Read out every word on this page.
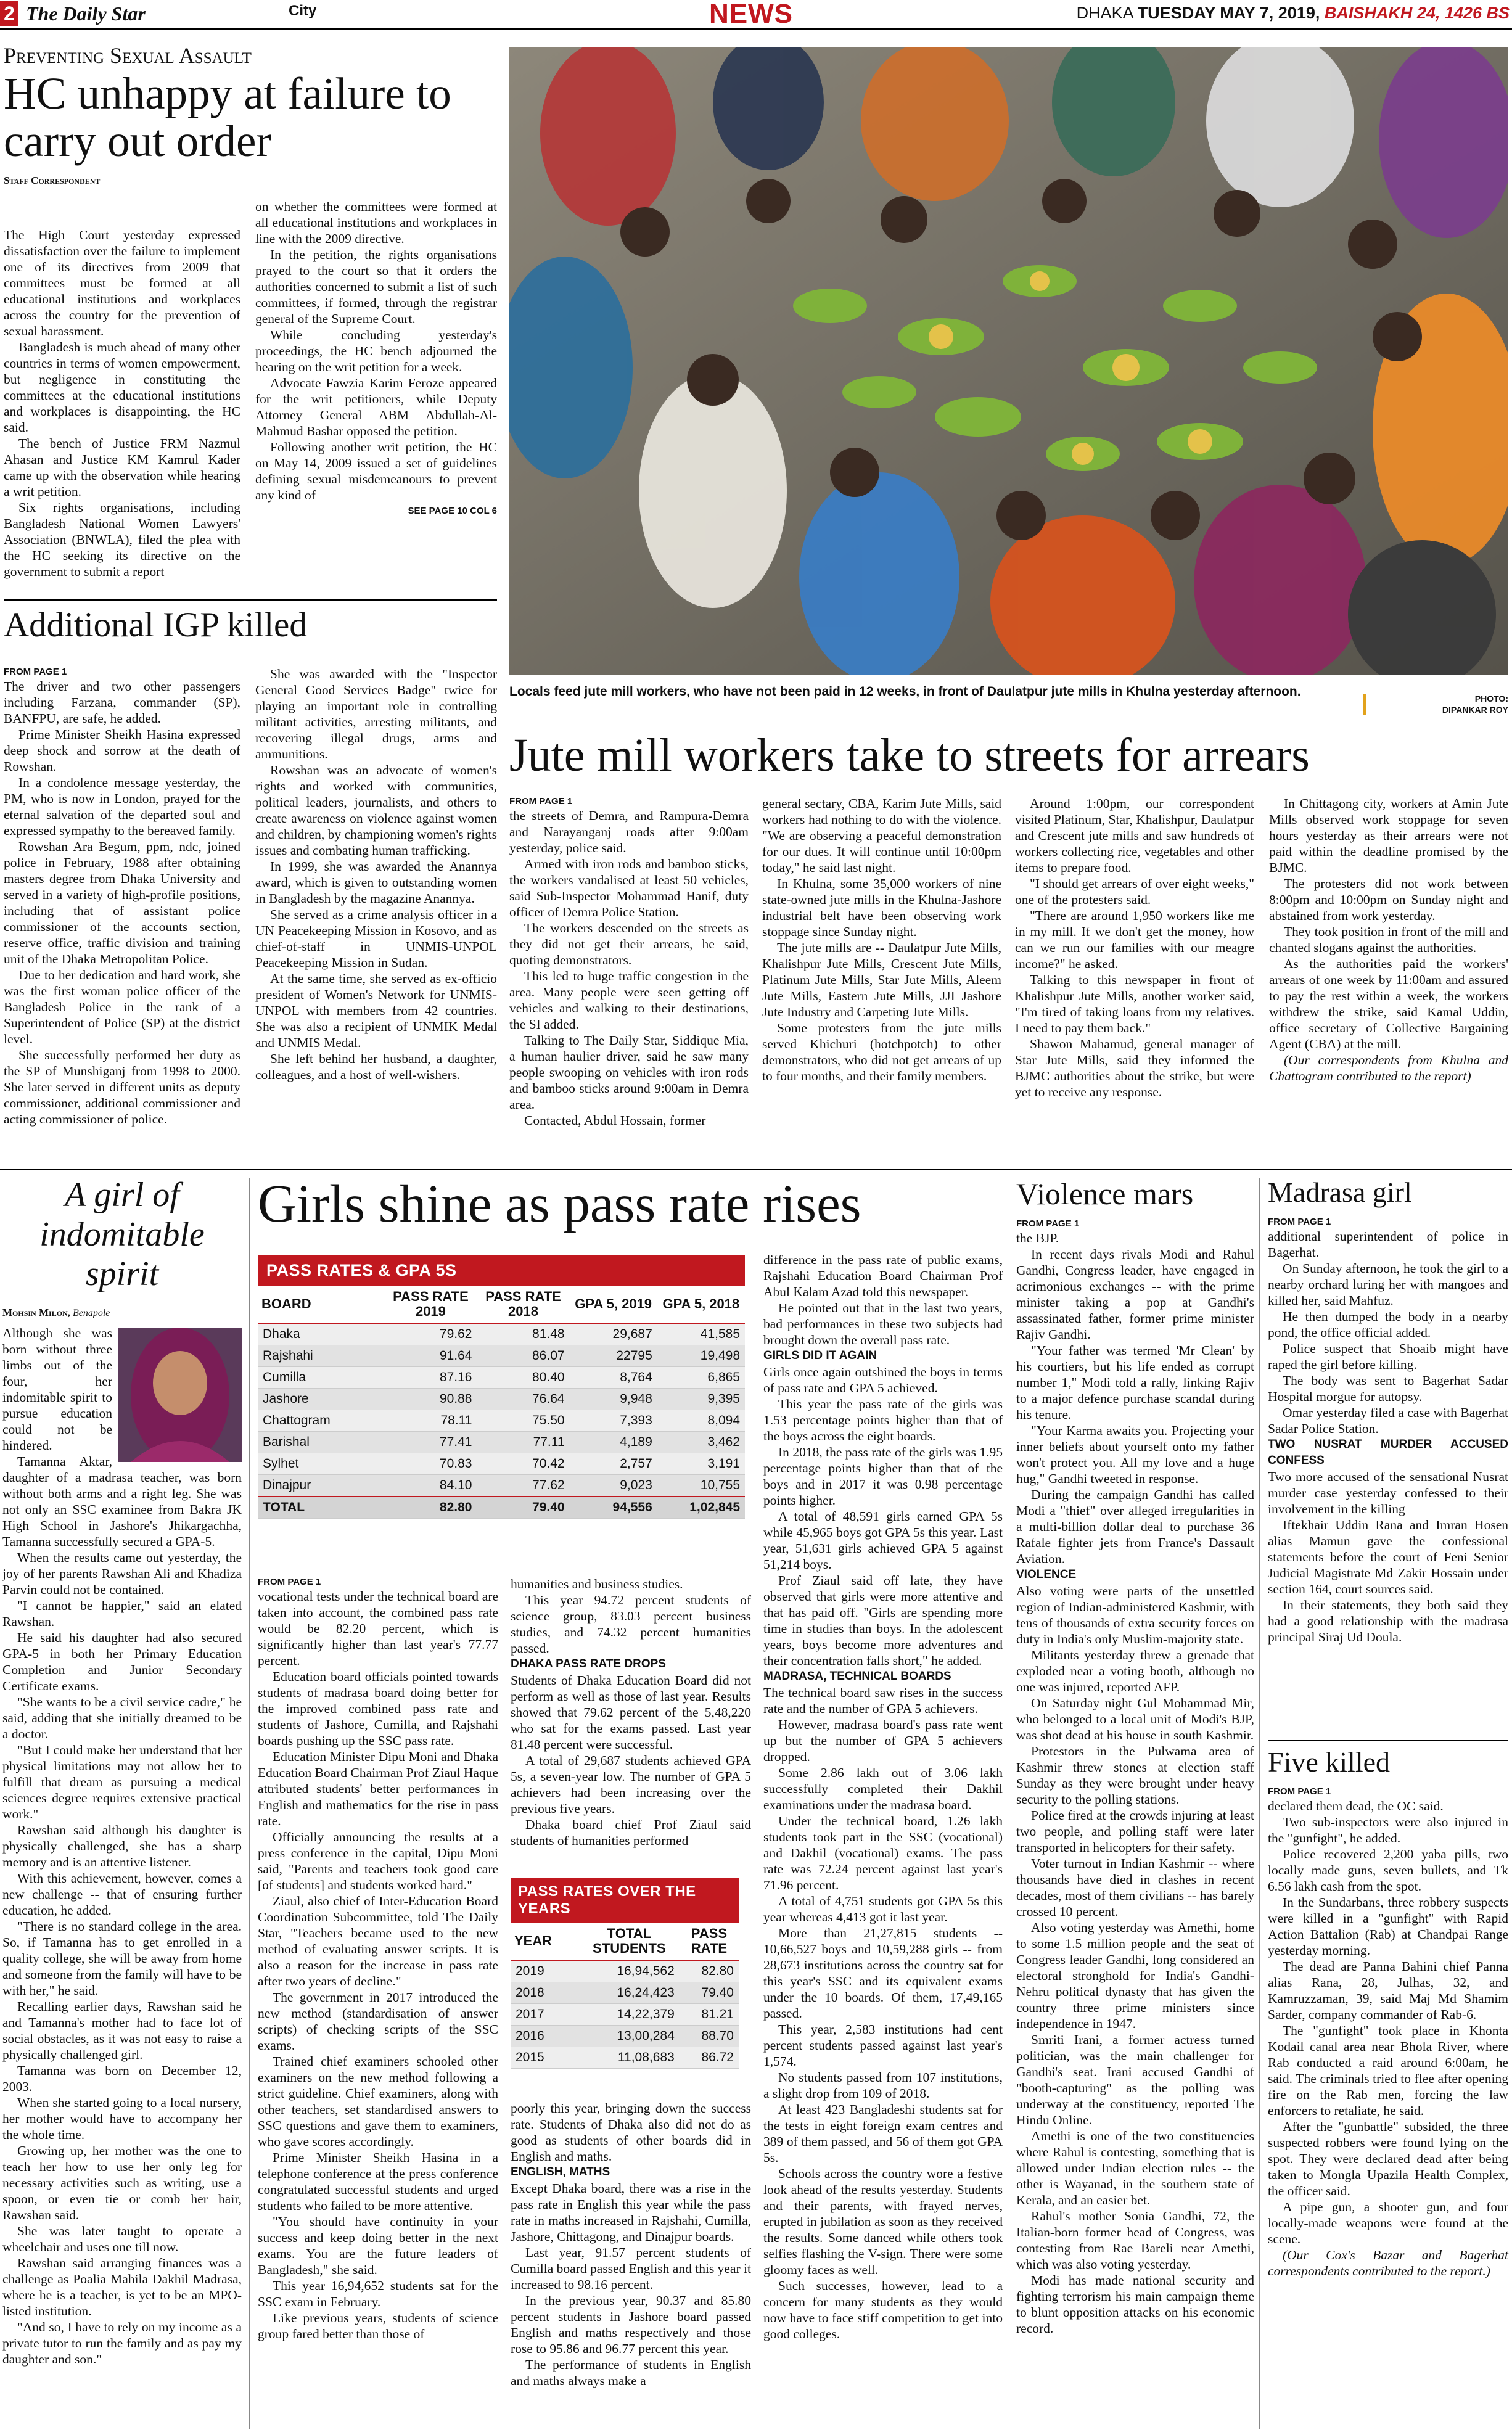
2 The Daily Star	City	NEWS	DHAKA TUESDAY MAY 7, 2019, BAISHAKH 24, 1426 BS
Preventing Sexual Assault
HC unhappy at failure to carry out order
Staff Correspondent

The High Court yesterday expressed dissatisfaction over the failure to implement one of its directives from 2009 that committees must be formed at all educational institutions and workplaces across the country for the prevention of sexual harassment.

Bangladesh is much ahead of many other countries in terms of women empowerment, but negligence in constituting the committees at the educational institutions and workplaces is disappointing, the HC said.

The bench of Justice FRM Nazmul Ahasan and Justice KM Kamrul Kader came up with the observation while hearing a writ petition.

Six rights organisations, including Bangladesh National Women Lawyers' Association (BNWLA), filed the plea with the HC seeking its directive on the government to submit a report

on whether the committees were formed at all educational institutions and workplaces in line with the 2009 directive.

In the petition, the rights organisations prayed to the court so that it orders the authorities concerned to submit a list of such committees, if formed, through the registrar general of the Supreme Court.

While concluding yesterday's proceedings, the HC bench adjourned the hearing on the writ petition for a week.

Advocate Fawzia Karim Feroze appeared for the writ petitioners, while Deputy Attorney General ABM Abdullah-Al-Mahmud Bashar opposed the petition.

Following another writ petition, the HC on May 14, 2009 issued a set of guidelines defining sexual misdemeanours to prevent any kind of

SEE PAGE 10 COL 6

Locals feed jute mill workers, who have not been paid in 12 weeks, in front of Daulatpur jute mills in Khulna yesterday afternoon.	PHOTO:
DIPANKAR ROY
Additional IGP killed

FROM PAGE 1

The driver and two other passengers including Farzana, commander (SP), BANFPU, are safe, he added.

Prime Minister Sheikh Hasina expressed deep shock and sorrow at the death of Rowshan.

In a condolence message yesterday, the PM, who is now in London, prayed for the eternal salvation of the departed soul and expressed sympathy to the bereaved family.

Rowshan Ara Begum, ppm, ndc, joined police in February, 1988 after obtaining masters degree from Dhaka University and served in a variety of high-profile positions, including that of assistant police commissioner of the accounts section, reserve office, traffic division and training unit of the Dhaka Metropolitan Police.

Due to her dedication and hard work, she was the first woman police officer of the Bangladesh Police in the rank of a Superintendent of Police (SP) at the district level.

She successfully performed her duty as the SP of Munshiganj from 1998 to 2000. She later served in different units as deputy commissioner, additional commissioner and acting commissioner of police.

She was awarded with the "Inspector General Good Services Badge" twice for playing an important role in controlling militant activities, arresting militants, and recovering illegal drugs, arms and ammunitions.

Rowshan was an advocate of women's rights and worked with communities, political leaders, journalists, and others to create awareness on violence against women and children, by championing women's rights issues and combating human trafficking.

In 1999, she was awarded the Anannya award, which is given to outstanding women in Bangladesh by the magazine Anannya.

She served as a crime analysis officer in a UN Peacekeeping Mission in Kosovo, and as chief-of-staff in UNMIS-UNPOL Peacekeeping Mission in Sudan.

At the same time, she served as ex-officio president of Women's Network for UNMIS-UNPOL with members from 42 countries. She was also a recipient of UNMIK Medal and UNMIS Medal.

She left behind her husband, a daughter, colleagues, and a host of well-wishers.

Jute mill workers take to streets for arrears

FROM PAGE 1

the streets of Demra, and Rampura-Demra and Narayanganj roads after 9:00am yesterday, police said.

Armed with iron rods and bamboo sticks, the workers vandalised at least 50 vehicles, said Sub-Inspector Mohammad Hanif, duty officer of Demra Police Station.

The workers descended on the streets as they did not get their arrears, he said, quoting demonstrators.

This led to huge traffic congestion in the area. Many people were seen getting off vehicles and walking to their destinations, the SI added.

Talking to The Daily Star, Siddique Mia, a human haulier driver, said he saw many people swooping on vehicles with iron rods and bamboo sticks around 9:00am in Demra area.

Contacted, Abdul Hossain, former

general sectary, CBA, Karim Jute Mills, said workers had nothing to do with the violence. "We are observing a peaceful demonstration for our dues. It will continue until 10:00pm today," he said last night.

In Khulna, some 35,000 workers of nine state-owned jute mills in the Khulna-Jashore industrial belt have been observing work stoppage since Sunday night.

The jute mills are -- Daulatpur Jute Mills, Khalishpur Jute Mills, Crescent Jute Mills, Platinum Jute Mills, Star Jute Mills, Aleem Jute Mills, Eastern Jute Mills, JJI Jashore Jute Industry and Carpeting Jute Mills.

Some protesters from the jute mills served Khichuri (hotchpotch) to other demonstrators, who did not get arrears of up to four months, and their family members.

Around 1:00pm, our correspondent visited Platinum, Star, Khalishpur, Daulatpur and Crescent jute mills and saw hundreds of workers collecting rice, vegetables and other items to prepare food.

"I should get arrears of over eight weeks," one of the protesters said.

"There are around 1,950 workers like me in my mill. If we don't get the money, how can we run our families with our meagre income?" he asked.

Talking to this newspaper in front of Khalishpur Jute Mills, another worker said, "I'm tired of taking loans from my relatives. I need to pay them back."

Shawon Mahamud, general manager of Star Jute Mills, said they informed the BJMC authorities about the strike, but were yet to receive any response.

In Chittagong city, workers at Amin Jute Mills observed work stoppage for seven hours yesterday as their arrears were not paid within the deadline promised by the BJMC.

The protesters did not work between 8:00pm and 10:00pm on Sunday night and abstained from work yesterday.

They took position in front of the mill and chanted slogans against the authorities.

As the authorities paid the workers' arrears of one week by 11:00am and assured to pay the rest within a week, the workers withdrew the strike, said Kamal Uddin, office secretary of Collective Bargaining Agent (CBA) at the mill.

(Our correspondents from Khulna and Chattogram contributed to the report)

A girl of indomitable spirit
Mohsin Milon, Benapole

Although she was born without three limbs out of the four, her indomitable spirit to pursue education could not be hindered.

Tamanna Aktar, daughter of a madrasa teacher, was born without both arms and a right leg. She was not only an SSC examinee from Bakra JK High School in Jashore's Jhikargachha, Tamanna successfully secured a GPA-5.

When the results came out yesterday, the joy of her parents Rawshan Ali and Khadiza Parvin could not be contained.

"I cannot be happier," said an elated Rawshan.

He said his daughter had also secured GPA-5 in both her Primary Education Completion and Junior Secondary Certificate exams.

"She wants to be a civil service cadre," he said, adding that she initially dreamed to be a doctor.

"But I could make her understand that her physical limitations may not allow her to fulfill that dream as pursuing a medical sciences degree requires extensive practical work."

Rawshan said although his daughter is physically challenged, she has a sharp memory and is an attentive listener.

With this achievement, however, comes a new challenge -- that of ensuring further education, he added.

"There is no standard college in the area. So, if Tamanna has to get enrolled in a quality college, she will be away from home and someone from the family will have to be with her," he said.

Recalling earlier days, Rawshan said he and Tamanna's mother had to face lot of social obstacles, as it was not easy to raise a physically challenged girl.

Tamanna was born on December 12, 2003.

When she started going to a local nursery, her mother would have to accompany her the whole time.

Growing up, her mother was the one to teach her how to use her only leg for necessary activities such as writing, use a spoon, or even tie or comb her hair, Rawshan said.

She was later taught to operate a wheelchair and uses one till now.

Rawshan said arranging finances was a challenge as Poalia Mahila Dakhil Madrasa, where he is a teacher, is yet to be an MPO-listed institution.

"And so, I have to rely on my income as a private tutor to run the family and as pay my daughter and son."

Girls shine as pass rate rises
PASS RATES & GPA 5S
BOARD	PASS RATE 2019	PASS RATE 2018	GPA 5, 2019	GPA 5, 2018
Dhaka	79.62	81.48	29,687	41,585
Rajshahi	91.64	86.07	22795	19,498
Cumilla	87.16	80.40	8,764	6,865
Jashore	90.88	76.64	9,948	9,395
Chattogram	78.11	75.50	7,393	8,094
Barishal	77.41	77.11	4,189	3,462
Sylhet	70.83	70.42	2,757	3,191
Dinajpur	84.10	77.62	9,023	10,755
TOTAL	82.80	79.40	94,556	1,02,845

FROM PAGE 1

vocational tests under the technical board are taken into account, the combined pass rate would be 82.20 percent, which is significantly higher than last year's 77.77 percent.

Education board officials pointed towards students of madrasa board doing better for the improved combined pass rate and students of Jashore, Cumilla, and Rajshahi boards pushing up the SSC pass rate.

Education Minister Dipu Moni and Dhaka Education Board Chairman Prof Ziaul Haque attributed students' better performances in English and mathematics for the rise in pass rate.

Officially announcing the results at a press conference in the capital, Dipu Moni said, "Parents and teachers took good care [of students] and students worked hard."

Ziaul, also chief of Inter-Education Board Coordination Subcommittee, told The Daily Star, "Teachers became used to the new method of evaluating answer scripts. It is also a reason for the increase in pass rate after two years of decline."

The government in 2017 introduced the new method (standardisation of answer scripts) of checking scripts of the SSC exams.

Trained chief examiners schooled other examiners on the new method following a strict guideline. Chief examiners, along with other teachers, set standardised answers to SSC questions and gave them to examiners, who gave scores accordingly.

Prime Minister Sheikh Hasina in a telephone conference at the press conference congratulated successful students and urged students who failed to be more attentive.

"You should have continuity in your success and keep doing better in the next exams. You are the future leaders of Bangladesh," she said.

This year 16,94,652 students sat for the SSC exam in February.

Like previous years, students of science group fared better than those of

humanities and business studies.

This year 94.72 percent students of science group, 83.03 percent business studies, and 74.32 percent humanities passed.

DHAKA PASS RATE DROPS

Students of Dhaka Education Board did not perform as well as those of last year. Results showed that 79.62 percent of the 5,48,220 who sat for the exams passed. Last year 81.48 percent were successful.

A total of 29,687 students achieved GPA 5s, a seven-year low. The number of GPA 5 achievers had been increasing over the previous five years.

Dhaka board chief Prof Ziaul said students of humanities performed

PASS RATES OVER THE YEARS
YEAR	TOTAL STUDENTS	PASS RATE
2019	16,94,562	82.80
2018	16,24,423	79.40
2017	14,22,379	81.21
2016	13,00,284	88.70
2015	11,08,683	86.72

poorly this year, bringing down the success rate. Students of Dhaka also did not do as good as students of other boards did in English and maths.

ENGLISH, MATHS

Except Dhaka board, there was a rise in the pass rate in English this year while the pass rate in maths increased in Rajshahi, Cumilla, Jashore, Chittagong, and Dinajpur boards.

Last year, 91.57 percent students of Cumilla board passed English and this year it increased to 98.16 percent.

In the previous year, 90.37 and 85.80 percent students in Jashore board passed English and maths respectively and those rose to 95.86 and 96.77 percent this year.

The performance of students in English and maths always make a

difference in the pass rate of public exams, Rajshahi Education Board Chairman Prof Abul Kalam Azad told this newspaper.

He pointed out that in the last two years, bad performances in these two subjects had brought down the overall pass rate.

GIRLS DID IT AGAIN

Girls once again outshined the boys in terms of pass rate and GPA 5 achieved.

This year the pass rate of the girls was 1.53 percentage points higher than that of the boys across the eight boards.

In 2018, the pass rate of the girls was 1.95 percentage points higher than that of the boys and in 2017 it was 0.98 percentage points higher.

A total of 48,591 girls earned GPA 5s while 45,965 boys got GPA 5s this year. Last year, 51,631 girls achieved GPA 5 against 51,214 boys.

Prof Ziaul said off late, they have observed that girls were more attentive and that has paid off. "Girls are spending more time in studies than boys. In the adolescent years, boys become more adventures and their concentration falls short," he added.

MADRASA, TECHNICAL BOARDS

The technical board saw rises in the success rate and the number of GPA 5 achievers.

However, madrasa board's pass rate went up but the number of GPA 5 achievers dropped.

Some 2.86 lakh out of 3.06 lakh successfully completed their Dakhil examinations under the madrasa board.

Under the technical board, 1.26 lakh students took part in the SSC (vocational) and Dakhil (vocational) exams. The pass rate was 72.24 percent against last year's 71.96 percent.

A total of 4,751 students got GPA 5s this year whereas 4,413 got it last year.

More than 21,27,815 students -- 10,66,527 boys and 10,59,288 girls -- from 28,673 institutions across the country sat for this year's SSC and its equivalent exams under the 10 boards. Of them, 17,49,165 passed.

This year, 2,583 institutions had cent percent students passed against last year's 1,574.

No students passed from 107 institutions, a slight drop from 109 of 2018.

At least 423 Bangladeshi students sat for the tests in eight foreign exam centres and 389 of them passed, and 56 of them got GPA 5s.

Schools across the country wore a festive look ahead of the results yesterday. Students and their parents, with frayed nerves, erupted in jubilation as soon as they received the results. Some danced while others took selfies flashing the V-sign. There were some gloomy faces as well.

Such successes, however, lead to a concern for many students as they would now have to face stiff competition to get into good colleges.

Violence mars

FROM PAGE 1

the BJP.

In recent days rivals Modi and Rahul Gandhi, Congress leader, have engaged in acrimonious exchanges -- with the prime minister taking a pop at Gandhi's assassinated father, former prime minister Rajiv Gandhi.

"Your father was termed 'Mr Clean' by his courtiers, but his life ended as corrupt number 1," Modi told a rally, linking Rajiv to a major defence purchase scandal during his tenure.

"Your Karma awaits you. Projecting your inner beliefs about yourself onto my father won't protect you. All my love and a huge hug," Gandhi tweeted in response.

During the campaign Gandhi has called Modi a "thief" over alleged irregularities in a multi-billion dollar deal to purchase 36 Rafale fighter jets from France's Dassault Aviation.

VIOLENCE

Also voting were parts of the unsettled region of Indian-administered Kashmir, with tens of thousands of extra security forces on duty in India's only Muslim-majority state.

Militants yesterday threw a grenade that exploded near a voting booth, although no one was injured, reported AFP.

On Saturday night Gul Mohammad Mir, who belonged to a local unit of Modi's BJP, was shot dead at his house in south Kashmir.

Protestors in the Pulwama area of Kashmir threw stones at election staff Sunday as they were brought under heavy security to the polling stations.

Police fired at the crowds injuring at least two people, and polling staff were later transported in helicopters for their safety.

Voter turnout in Indian Kashmir -- where thousands have died in clashes in recent decades, most of them civilians -- has barely crossed 10 percent.

Also voting yesterday was Amethi, home to some 1.5 million people and the seat of Congress leader Gandhi, long considered an electoral stronghold for India's Gandhi-Nehru political dynasty that has given the country three prime ministers since independence in 1947.

Smriti Irani, a former actress turned politician, was the main challenger for Gandhi's seat. Irani accused Gandhi of "booth-capturing" as the polling was underway at the constituency, reported The Hindu Online.

Amethi is one of the two constituencies where Rahul is contesting, something that is allowed under Indian election rules -- the other is Wayanad, in the southern state of Kerala, and an easier bet.

Rahul's mother Sonia Gandhi, 72, the Italian-born former head of Congress, was contesting from Rae Bareli near Amethi, which was also voting yesterday.

Modi has made national security and fighting terrorism his main campaign theme to blunt opposition attacks on his economic record.

Madrasa girl

FROM PAGE 1

additional superintendent of police in Bagerhat.

On Sunday afternoon, he took the girl to a nearby orchard luring her with mangoes and killed her, said Mahfuz.

He then dumped the body in a nearby pond, the office official added.

Police suspect that Shoaib might have raped the girl before killing.

The body was sent to Bagerhat Sadar Hospital morgue for autopsy.

Omar yesterday filed a case with Bagerhat Sadar Police Station.

TWO NUSRAT MURDER ACCUSED CONFESS

Two more accused of the sensational Nusrat murder case yesterday confessed to their involvement in the killing

Iftekhair Uddin Rana and Imran Hosen alias Mamun gave the confessional statements before the court of Feni Senior Judicial Magistrate Md Zakir Hossain under section 164, court sources said.

In their statements, they both said they had a good relationship with the madrasa principal Siraj Ud Doula.

Five killed

FROM PAGE 1

declared them dead, the OC said.

Two sub-inspectors were also injured in the "gunfight", he added.

Police recovered 2,200 yaba pills, two locally made guns, seven bullets, and Tk 6.56 lakh cash from the spot.

In the Sundarbans, three robbery suspects were killed in a "gunfight" with Rapid Action Battalion (Rab) at Chandpai Range yesterday morning.

The dead are Panna Bahini chief Panna alias Rana, 28, Julhas, 32, and Kamruzzaman, 39, said Maj Md Shamim Sarder, company commander of Rab-6.

The "gunfight" took place in Khonta Kodail canal area near Bhola River, where Rab conducted a raid around 6:00am, he said. The criminals tried to flee after opening fire on the Rab men, forcing the law enforcers to retaliate, he said.

After the "gunbattle" subsided, the three suspected robbers were found lying on the spot. They were declared dead after being taken to Mongla Upazila Health Complex, the officer said.

A pipe gun, a shooter gun, and four locally-made weapons were found at the scene.

(Our Cox's Bazar and Bagerhat correspondents contributed to the report.)
